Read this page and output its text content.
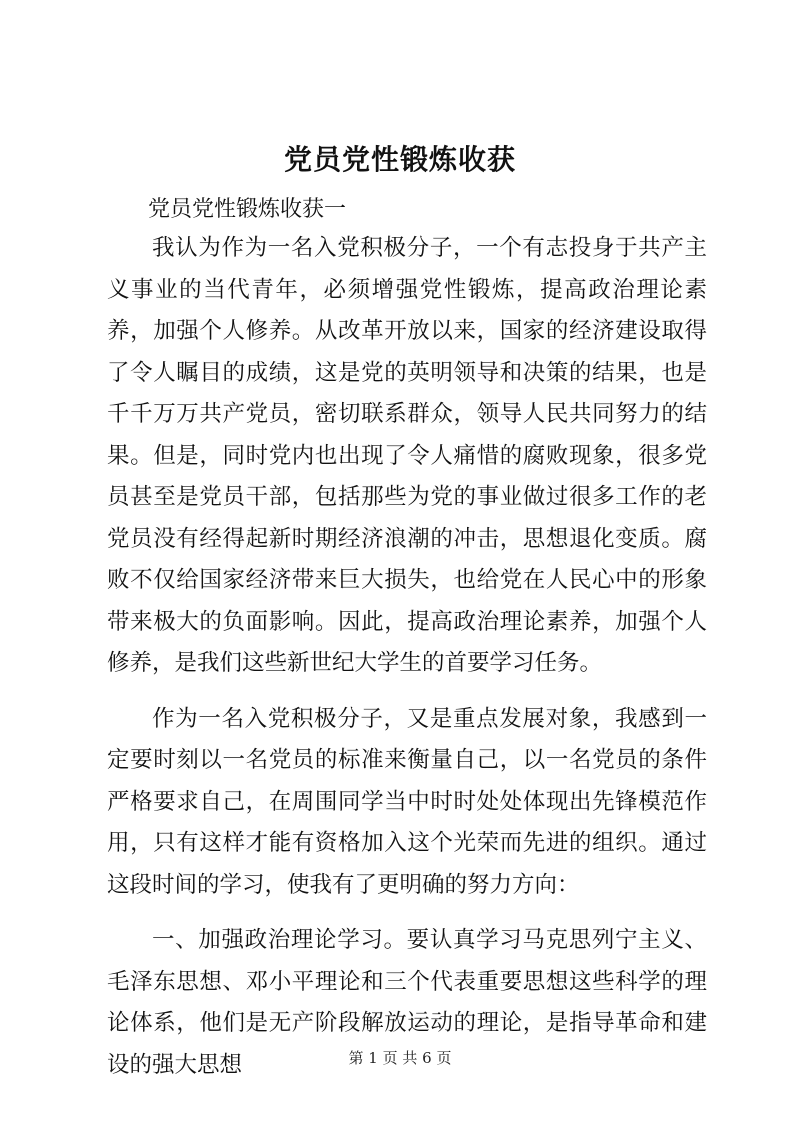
党员党性锻炼收获

党员党性锻炼收获一

我认为作为一名入党积极分子，一个有志投身于共产主义事业的当代青年，必须增强党性锻炼，提高政治理论素养，加强个人修养。从改革开放以来，国家的经济建设取得了令人瞩目的成绩，这是党的英明领导和决策的结果，也是千千万万共产党员，密切联系群众，领导人民共同努力的结果。但是，同时党内也出现了令人痛惜的腐败现象，很多党员甚至是党员干部，包括那些为党的事业做过很多工作的老党员没有经得起新时期经济浪潮的冲击，思想退化变质。腐败不仅给国家经济带来巨大损失，也给党在人民心中的形象带来极大的负面影响。因此，提高政治理论素养，加强个人修养，是我们这些新世纪大学生的首要学习任务。

作为一名入党积极分子，又是重点发展对象，我感到一定要时刻以一名党员的标准来衡量自己，以一名党员的条件严格要求自己，在周围同学当中时时处处体现出先锋模范作用，只有这样才能有资格加入这个光荣而先进的组织。通过这段时间的学习，使我有了更明确的努力方向：

一、加强政治理论学习。要认真学习马克思列宁主义、毛泽东思想、邓小平理论和三个代表重要思想这些科学的理论体系，他们是无产阶段解放运动的理论，是指导革命和建设的强大思想	第 1 页 共 6 页
